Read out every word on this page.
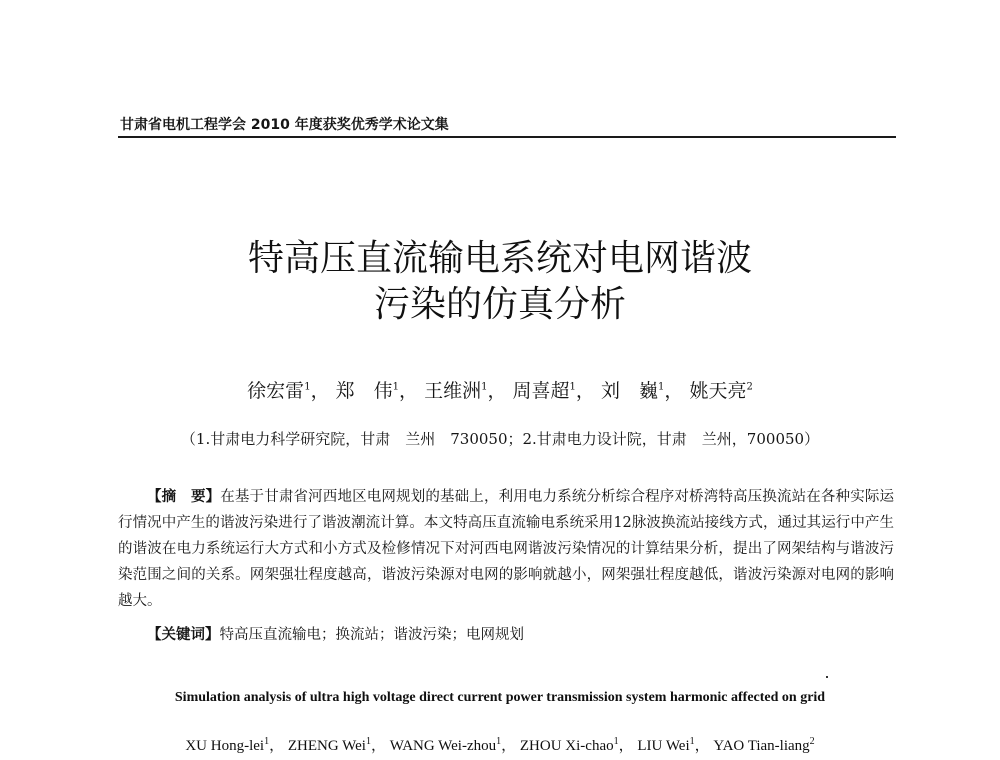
甘肃省电机工程学会 2010 年度获奖优秀学术论文集
特高压直流输电系统对电网谐波
污染的仿真分析
徐宏雷$^1$， 郑　伟$^1$， 王维洲$^1$， 周喜超$^1$， 刘　巍$^1$， 姚天亮$^2$
（1.甘肃电力科学研究院，甘肃　兰州　730050；2.甘肃电力设计院，甘肃　兰州，700050）
【摘　要】在基于甘肃省河西地区电网规划的基础上，利用电力系统分析综合程序对桥湾特高压换流站在各种实际运行情况中产生的谐波污染进行了谐波潮流计算。本文特高压直流输电系统采用12脉波换流站接线方式，通过其运行中产生的谐波在电力系统运行大方式和小方式及检修情况下对河西电网谐波污染情况的计算结果分析，提出了网架结构与谐波污染范围之间的关系。网架强壮程度越高，谐波污染源对电网的影响就越小，网架强壮程度越低，谐波污染源对电网的影响越大。
【关键词】特高压直流输电；换流站；谐波污染；电网规划
Simulation analysis of ultra high voltage direct current power transmission system harmonic affected on grid
XU Hong-lei$^1$， ZHENG Wei$^1$， WANG Wei-zhou$^1$， ZHOU Xi-chao$^1$， LIU Wei$^1$， YAO Tian-liang$^2$
